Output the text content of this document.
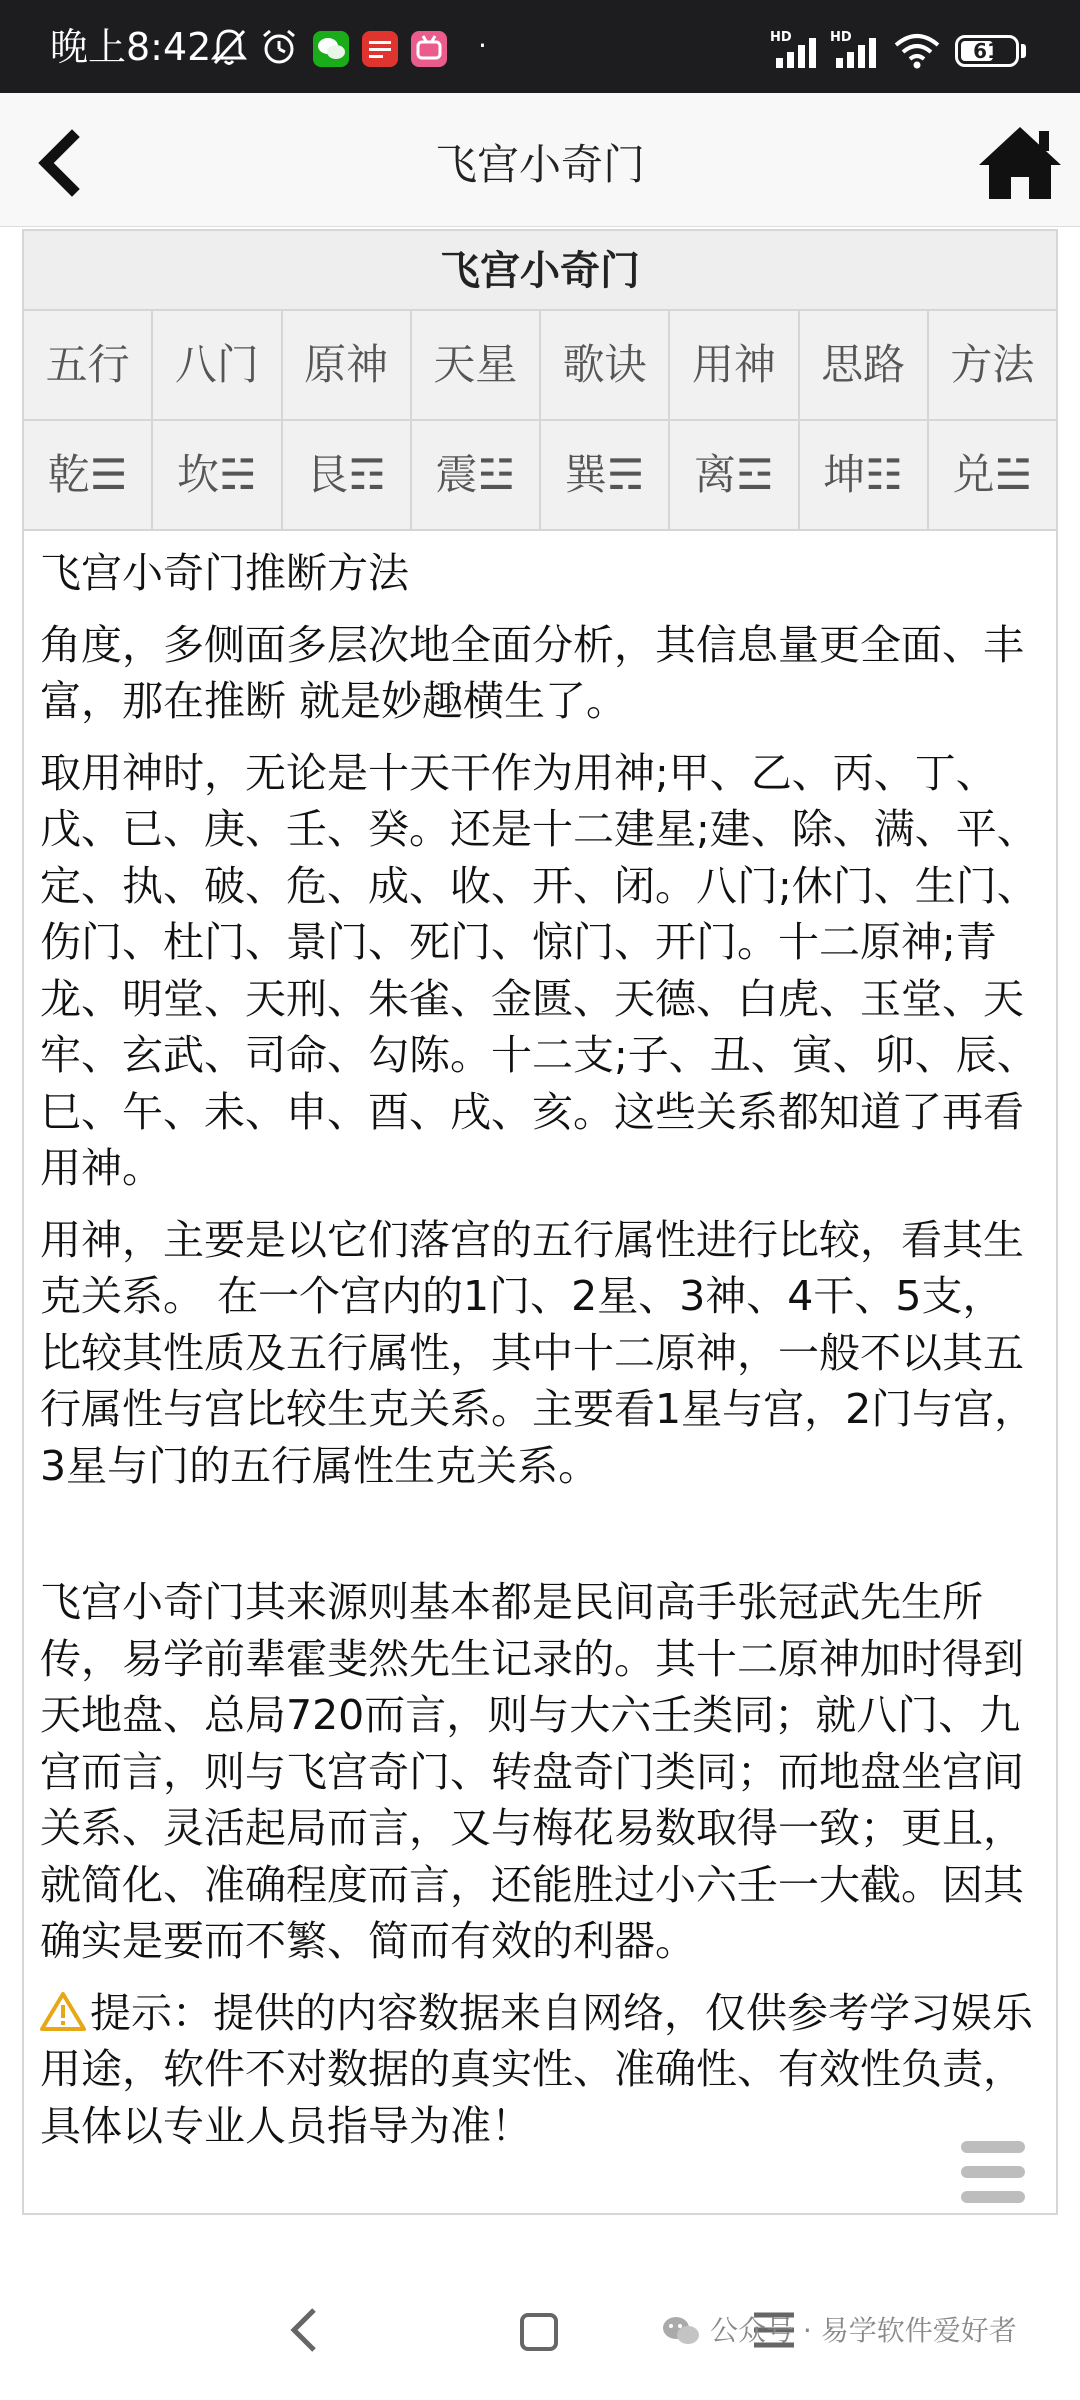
晚上8:42	·	HD	HD
61
飞宫小奇门
飞宫小奇门
五行	八门	原神	天星	歌诀	用神	思路	方法
乾☰	坎☵	艮☶	震☳	巽☴	离☲	坤☷	兑☱

飞宫小奇门推断方法

角度，多侧面多层次地全面分析，其信息量更全面、丰富，那在推断 就是妙趣横生了。

取用神时，无论是十天干作为用神;甲、乙、丙、丁、戊、已、庚、壬、癸。还是十二建星;建、除、满、平、定、执、破、危、成、收、开、闭。八门;休门、生门、伤门、杜门、景门、死门、惊门、开门。十二原神;青龙、明堂、天刑、朱雀、金匮、天德、白虎、玉堂、天牢、玄武、司命、勾陈。十二支;子、丑、寅、卯、辰、巳、午、未、申、酉、戌、亥。这些关系都知道了再看用神。

用神，主要是以它们落宫的五行属性进行比较，看其生克关系。 在一个宫内的1门、2星、3神、4干、5支，比较其性质及五行属性，其中十二原神，一般不以其五行属性与宫比较生克关系。主要看1星与宫，2门与宫，3星与门的五行属性生克关系。

飞宫小奇门其来源则基本都是民间高手张冠武先生所传，易学前辈霍斐然先生记录的。其十二原神加时得到天地盘、总局720而言，则与大六壬类同；就八门、九宫而言，则与飞宫奇门、转盘奇门类同；而地盘坐宫间关系、灵活起局而言，又与梅花易数取得一致；更且，就简化、准确程度而言，还能胜过小六壬一大截。因其确实是要而不繁、简而有效的利器。

提示：提供的内容数据来自网络，仅供参考学习娱乐用途，软件不对数据的真实性、准确性、有效性负责，具体以专业人员指导为准！

公众号 · 易学软件爱好者
